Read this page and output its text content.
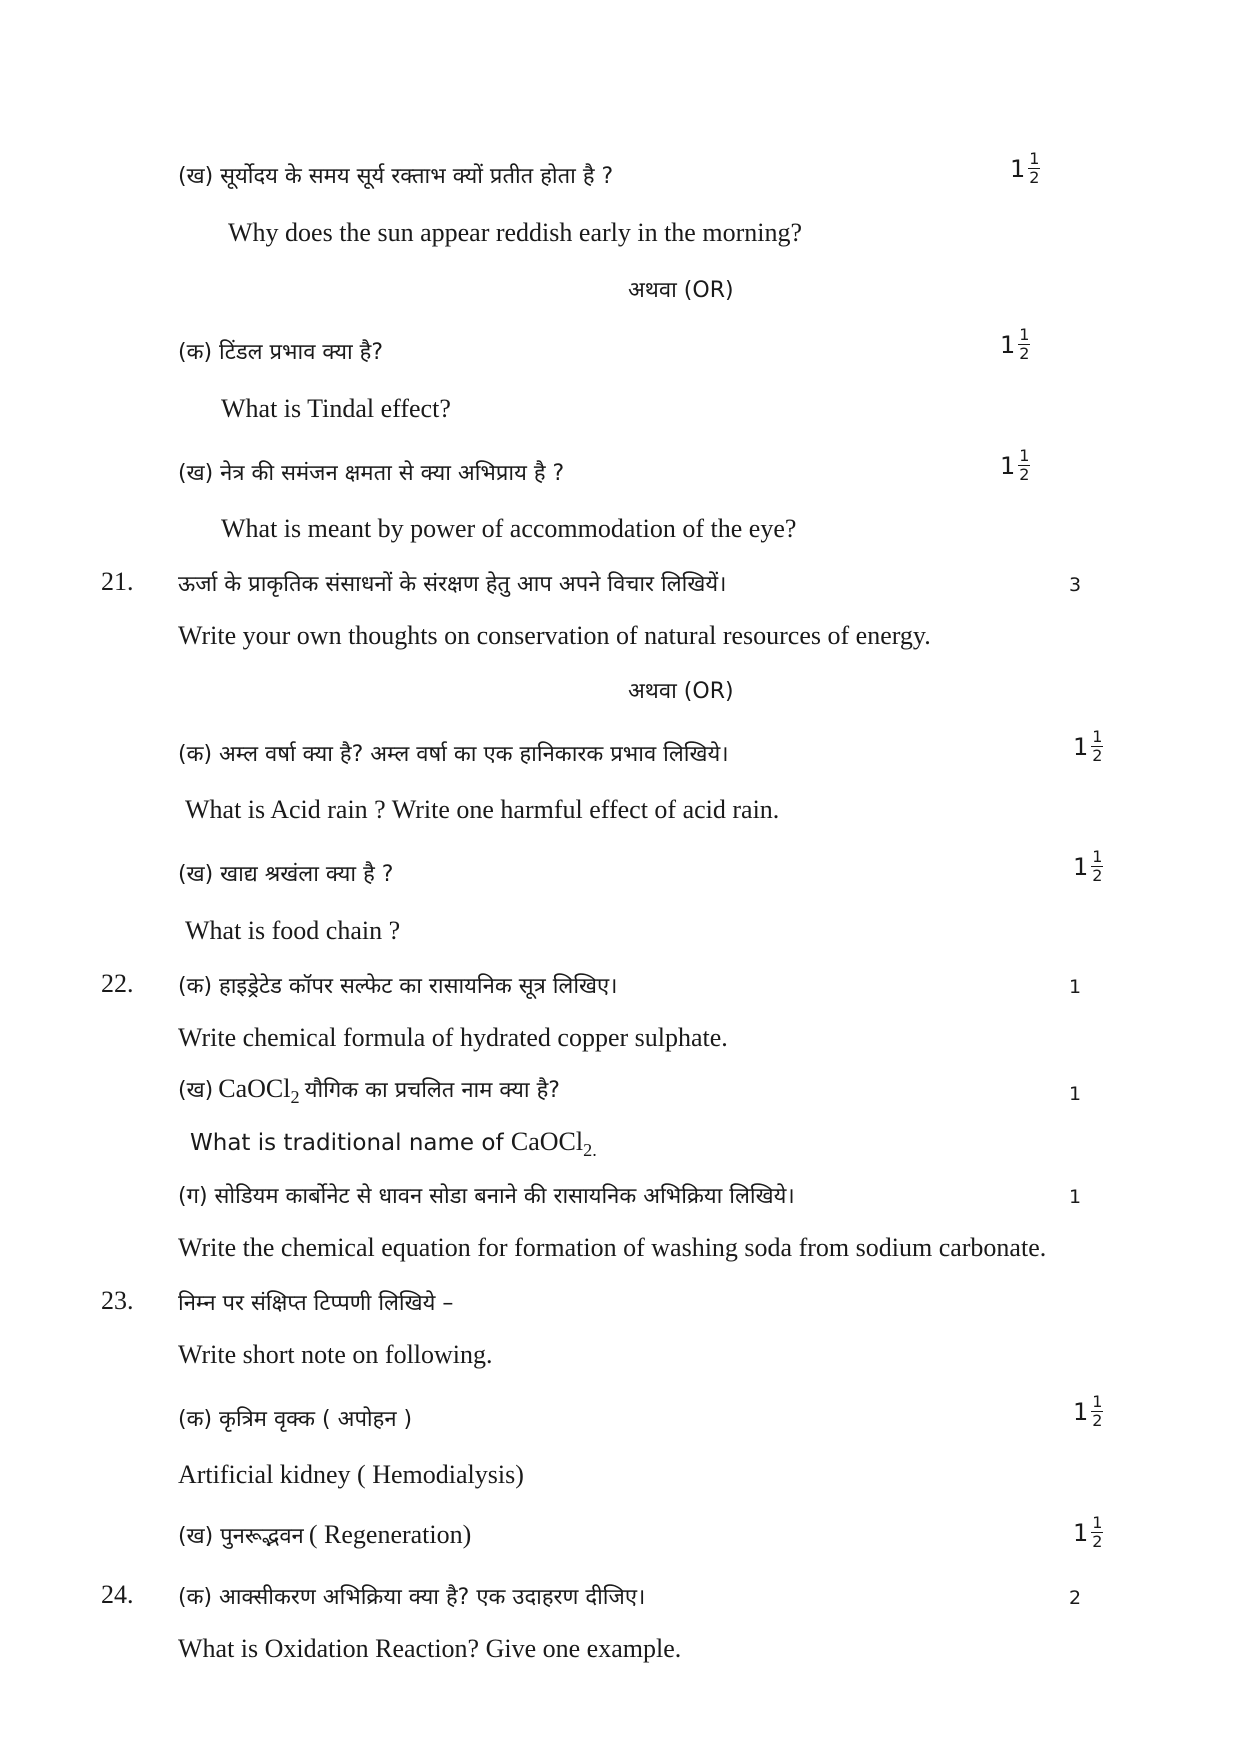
(ख) सूर्योदय के समय सूर्य रक्ताभ क्यों प्रतीत होता है ?	1 1
2
Why does the sun appear reddish early in the morning?
अथवा (OR)
(क) टिंडल प्रभाव क्या है?	1 1
2
What is Tindal effect?
(ख) नेत्र की समंजन क्षमता से क्या अभिप्राय है ?	1 1
2
What is meant by power of accommodation of the eye?
21. ऊर्जा के प्राकृतिक संसाधनों के संरक्षण हेतु आप अपने विचार लिखियें।	3
Write your own thoughts on conservation of natural resources of energy.
अथवा (OR)
(क) अम्ल वर्षा क्या है? अम्ल वर्षा का एक हानिकारक प्रभाव लिखिये।	1 1
2
What is Acid rain ? Write one harmful effect of acid rain.
(ख) खाद्य श्रखंला क्या है ?	1 1
2
What is food chain ?
22. (क) हाइड्रेटेड कॉपर सल्फेट का रासायनिक सूत्र लिखिए।	1
Write chemical formula of hydrated copper sulphate.
(ख) CaOCl$_2$ यौगिक का प्रचलित नाम क्या है?	1
What is traditional name of CaOCl$_{2.}$
(ग) सोडियम कार्बोनेट से धावन सोडा बनाने की रासायनिक अभिक्रिया लिखिये।	1
Write the chemical equation for formation of washing soda from sodium carbonate.
23. निम्न पर संक्षिप्त टिप्पणी लिखिये –
Write short note on following.
(क) कृत्रिम वृक्क ( अपोहन )	1 1
2
Artificial kidney ( Hemodialysis)
(ख) पुनरूद्भवन ( Regeneration)	1 1
2
24. (क) आक्सीकरण अभिक्रिया क्या है? एक उदाहरण दीजिए।	2
What is Oxidation Reaction? Give one example.
